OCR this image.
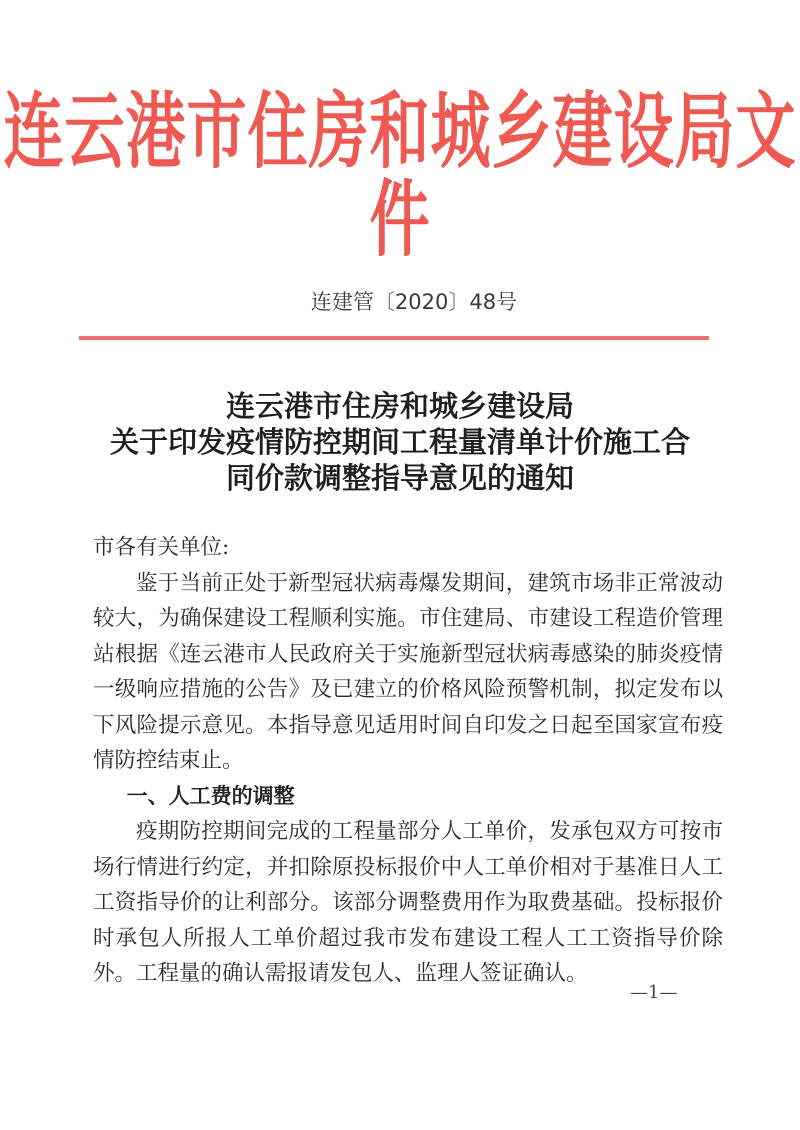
连云港市住房和城乡建设局文件
连建管〔2020〕48号
连云港市住房和城乡建设局
关于印发疫情防控期间工程量清单计价施工合
同价款调整指导意见的通知

市各有关单位:

鉴于当前正处于新型冠状病毒爆发期间，建筑市场非正常波动较大，为确保建设工程顺利实施。市住建局、市建设工程造价管理站根据《连云港市人民政府关于实施新型冠状病毒感染的肺炎疫情一级响应措施的公告》及已建立的价格风险预警机制，拟定发布以下风险提示意见。本指导意见适用时间自印发之日起至国家宣布疫情防控结束止。

一、人工费的调整

疫期防控期间完成的工程量部分人工单价，发承包双方可按市场行情进行约定，并扣除原投标报价中人工单价相对于基准日人工工资指导价的让利部分。该部分调整费用作为取费基础。投标报价时承包人所报人工单价超过我市发布建设工程人工工资指导价除外。工程量的确认需报请发包人、监理人签证确认。

—1—
